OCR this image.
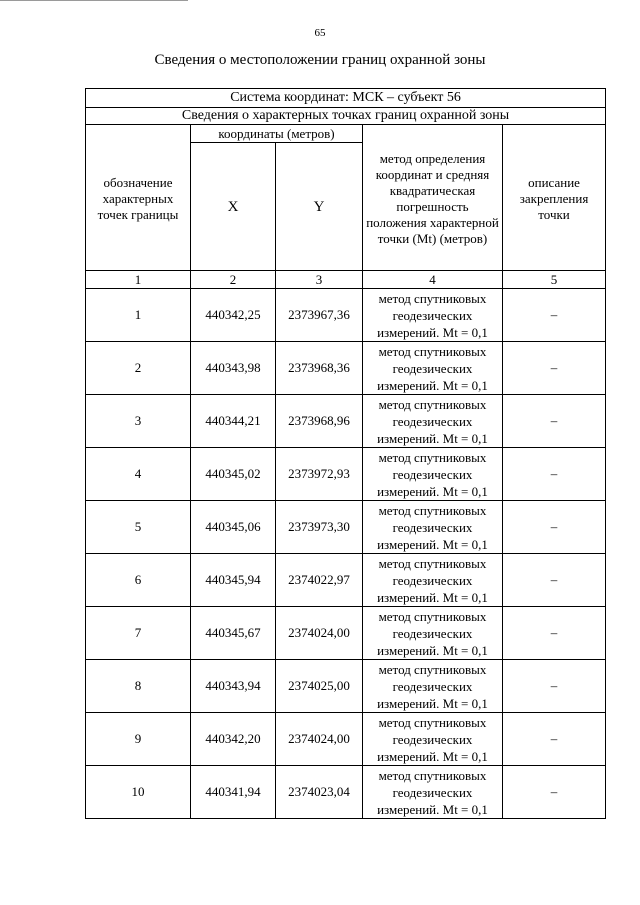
65
Сведения о местоположении границ охранной зоны
Система координат: МСК – субъект 56				
Сведения о характерных точках границ охранной зоны				
обозначение характерных точек границы	координаты (метров)		метод определения координат и средняя квадратическая погрешность положения характерной точки (Mt) (метров)	описание закрепления точки
	X	Y		
1	2	3	4	5
1	440342,25	2373967,36	метод спутниковых
геодезических
измерений. Mt = 0,1	–
2	440343,98	2373968,36	метод спутниковых
геодезических
измерений. Mt = 0,1	–
3	440344,21	2373968,96	метод спутниковых
геодезических
измерений. Mt = 0,1	–
4	440345,02	2373972,93	метод спутниковых
геодезических
измерений. Mt = 0,1	–
5	440345,06	2373973,30	метод спутниковых
геодезических
измерений. Mt = 0,1	–
6	440345,94	2374022,97	метод спутниковых
геодезических
измерений. Mt = 0,1	–
7	440345,67	2374024,00	метод спутниковых
геодезических
измерений. Mt = 0,1	–
8	440343,94	2374025,00	метод спутниковых
геодезических
измерений. Mt = 0,1	–
9	440342,20	2374024,00	метод спутниковых
геодезических
измерений. Mt = 0,1	–
10	440341,94	2374023,04	метод спутниковых
геодезических
измерений. Mt = 0,1	–
